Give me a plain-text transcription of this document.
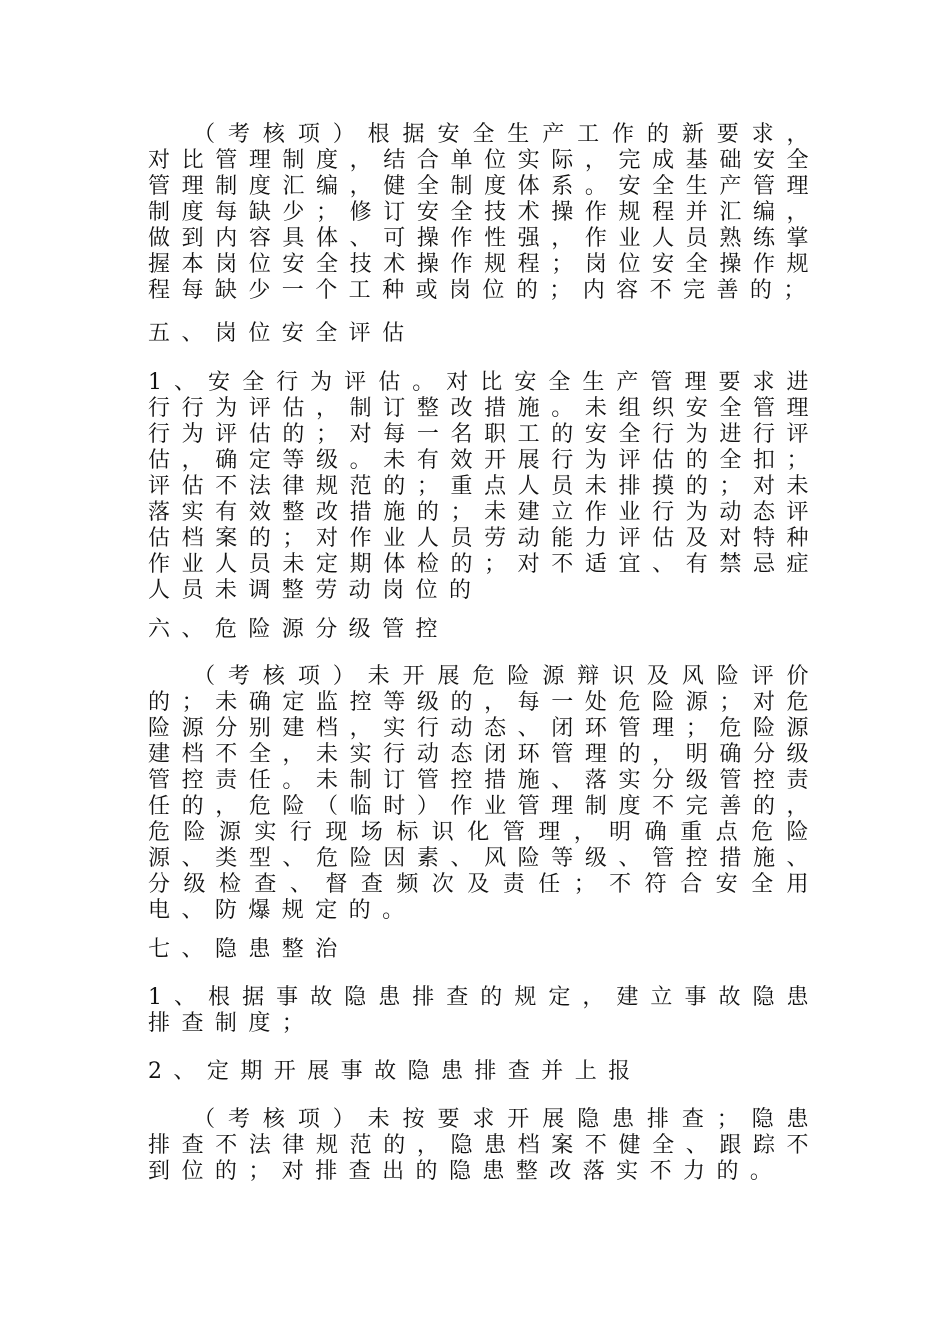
（考核项）根据安全生产工作的新要求，对比管理制度，结合单位实际，完成基础安全管理制度汇编，健全制度体系。安全生产管理制度每缺少；修订安全技术操作规程并汇编，做到内容具体、可操作性强，作业人员熟练掌握本岗位安全技术操作规程；岗位安全操作规程每缺少一个工种或岗位的；内容不完善的；

五、岗位安全评估

1、安全行为评估。对比安全生产管理要求进行行为评估，制订整改措施。未组织安全管理行为评估的；对每一名职工的安全行为进行评估，确定等级。未有效开展行为评估的全扣；评估不法律规范的；重点人员未排摸的；对未落实有效整改措施的；未建立作业行为动态评估档案的；对作业人员劳动能力评估及对特种作业人员未定期体检的；对不适宜、有禁忌症人员未调整劳动岗位的

六、危险源分级管控

（考核项）未开展危险源辩识及风险评价的；未确定监控等级的，每一处危险源；对危险源分别建档，实行动态、闭环管理；危险源建档不全，未实行动态闭环管理的，明确分级管控责任。未制订管控措施、落实分级管控责任的，危险（临时）作业管理制度不完善的，危险源实行现场标识化管理，明确重点危险源、类型、危险因素、风险等级、管控措施、分级检查、督查频次及责任；不符合安全用电、防爆规定的。

七、隐患整治

1、根据事故隐患排查的规定，建立事故隐患排查制度；

2、定期开展事故隐患排查并上报

（考核项）未按要求开展隐患排查；隐患排查不法律规范的，隐患档案不健全、跟踪不到位的；对排查出的隐患整改落实不力的。
